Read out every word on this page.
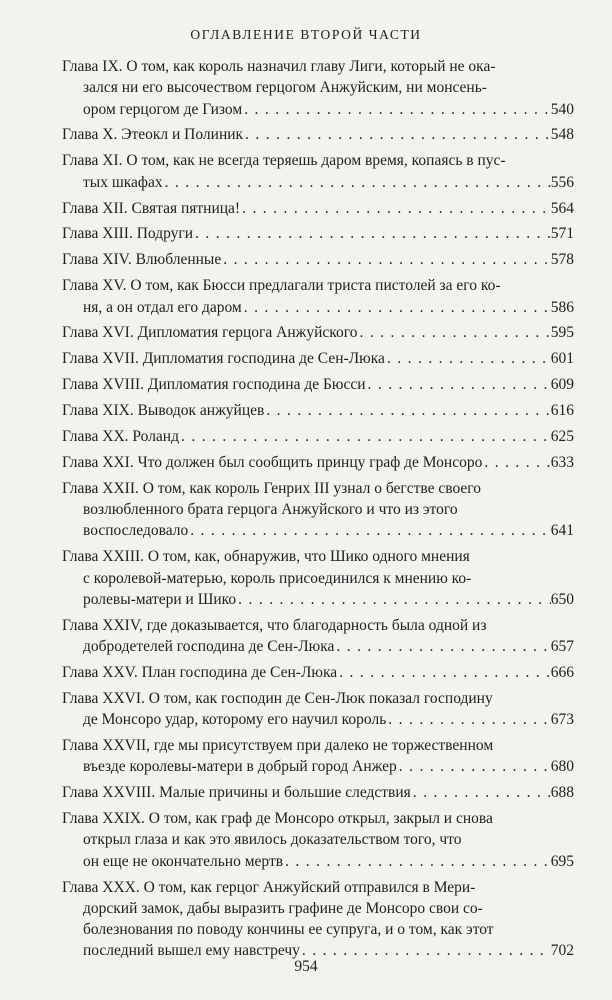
ОГЛАВЛЕНИЕ ВТОРОЙ ЧАСТИ
Глава IX. О том, как король назначил главу Лиги, который не ока-
зался ни его высочеством герцогом Анжуйским, ни монсень-
ором герцогом де Гизом . . .	540
Глава X. Этеокл и Полиник . . .	548
Глава XI. О том, как не всегда теряешь даром время, копаясь в пус-
тых шкафах . . .	556
Глава XII. Святая пятница! . . .	564
Глава XIII. Подруги . . .	571
Глава XIV. Влюбленные . . .	578
Глава XV. О том, как Бюсси предлагали триста пистолей за его ко-
ня, а он отдал его даром . . .	586
Глава XVI. Дипломатия герцога Анжуйского . . .	595
Глава XVII. Дипломатия господина де Сен-Люка . . .	601
Глава XVIII. Дипломатия господина де Бюсси . . .	609
Глава XIX. Выводок анжуйцев . . .	616
Глава XX. Роланд . . .	625
Глава XXI. Что должен был сообщить принцу граф де Монсоро . . .	633
Глава XXII. О том, как король Генрих III узнал о бегстве своего
возлюбленного брата герцога Анжуйского и что из этого
воспоследовало . . .	641
Глава XXIII. О том, как, обнаружив, что Шико одного мнения
с королевой-матерью, король присоединился к мнению ко-
ролевы-матери и Шико . . .	650
Глава XXIV, где доказывается, что благодарность была одной из
добродетелей господина де Сен-Люка . . .	657
Глава XXV. План господина де Сен-Люка . . .	666
Глава XXVI. О том, как господин де Сен-Люк показал господину
де Монсоро удар, которому его научил король . . .	673
Глава XXVII, где мы присутствуем при далеко не торжественном
въезде королевы-матери в добрый город Анжер . . .	680
Глава XXVIII. Малые причины и большие следствия . . .	688
Глава XXIX. О том, как граф де Монсоро открыл, закрыл и снова
открыл глаза и как это явилось доказательством того, что
он еще не окончательно мертв . . .	695
Глава XXX. О том, как герцог Анжуйский отправился в Мери-
дорский замок, дабы выразить графине де Монсоро свои со-
болезнования по поводу кончины ее супруга, и о том, как этот
последний вышел ему навстречу . . .	702
954
